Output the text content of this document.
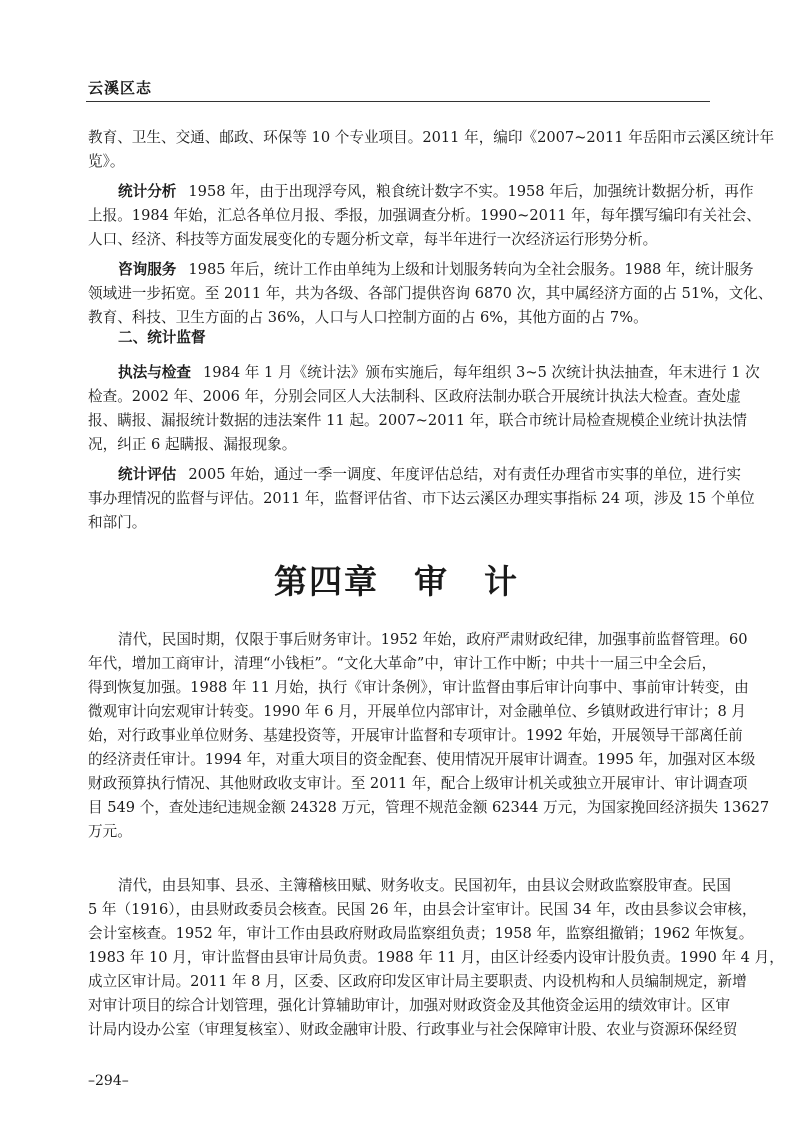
云溪区志
二、统计监督
第四章　审　计
教育、卫生、交通、邮政、环保等 10 个专业项目。2011 年，编印《2007~2011 年岳阳市云溪区统计年
览》。
统计分析 1958 年，由于出现浮夸风，粮食统计数字不实。1958 年后，加强统计数据分析，再作
上报。1984 年始，汇总各单位月报、季报，加强调查分析。1990~2011 年，每年撰写编印有关社会、
人口、经济、科技等方面发展变化的专题分析文章，每半年进行一次经济运行形势分析。
咨询服务 1985 年后，统计工作由单纯为上级和计划服务转向为全社会服务。1988 年，统计服务
领域进一步拓宽。至 2011 年，共为各级、各部门提供咨询 6870 次，其中属经济方面的占 51%，文化、
教育、科技、卫生方面的占 36%，人口与人口控制方面的占 6%，其他方面的占 7%。
执法与检查 1984 年 1 月《统计法》颁布实施后，每年组织 3~5 次统计执法抽查，年末进行 1 次
检查。2002 年、2006 年，分别会同区人大法制科、区政府法制办联合开展统计执法大检查。查处虚
报、瞒报、漏报统计数据的违法案件 11 起。2007~2011 年，联合市统计局检查规模企业统计执法情
况，纠正 6 起瞒报、漏报现象。
统计评估 2005 年始，通过一季一调度、年度评估总结，对有责任办理省市实事的单位，进行实
事办理情况的监督与评估。2011 年，监督评估省、市下达云溪区办理实事指标 24 项，涉及 15 个单位
和部门。
清代，民国时期，仅限于事后财务审计。1952 年始，政府严肃财政纪律，加强事前监督管理。60
年代，增加工商审计，清理“小钱柜”。“文化大革命”中，审计工作中断；中共十一届三中全会后，
得到恢复加强。1988 年 11 月始，执行《审计条例》，审计监督由事后审计向事中、事前审计转变，由
微观审计向宏观审计转变。1990 年 6 月，开展单位内部审计，对金融单位、乡镇财政进行审计；8 月
始，对行政事业单位财务、基建投资等，开展审计监督和专项审计。1992 年始，开展领导干部离任前
的经济责任审计。1994 年，对重大项目的资金配套、使用情况开展审计调查。1995 年，加强对区本级
财政预算执行情况、其他财政收支审计。至 2011 年，配合上级审计机关或独立开展审计、审计调查项
目 549 个，查处违纪违规金额 24328 万元，管理不规范金额 62344 万元，为国家挽回经济损失 13627
万元。
清代，由县知事、县丞、主簿稽核田赋、财务收支。民国初年，由县议会财政监察股审查。民国
5 年（1916），由县财政委员会核查。民国 26 年，由县会计室审计。民国 34 年，改由县参议会审核，
会计室核查。1952 年，审计工作由县政府财政局监察组负责；1958 年，监察组撤销；1962 年恢复。
1983 年 10 月，审计监督由县审计局负责。1988 年 11 月，由区计经委内设审计股负责。1990 年 4 月，
成立区审计局。2011 年 8 月，区委、区政府印发区审计局主要职责、内设机构和人员编制规定，新增
对审计项目的综合计划管理，强化计算辅助审计，加强对财政资金及其他资金运用的绩效审计。区审
计局内设办公室（审理复核室）、财政金融审计股、行政事业与社会保障审计股、农业与资源环保经贸
–294–
